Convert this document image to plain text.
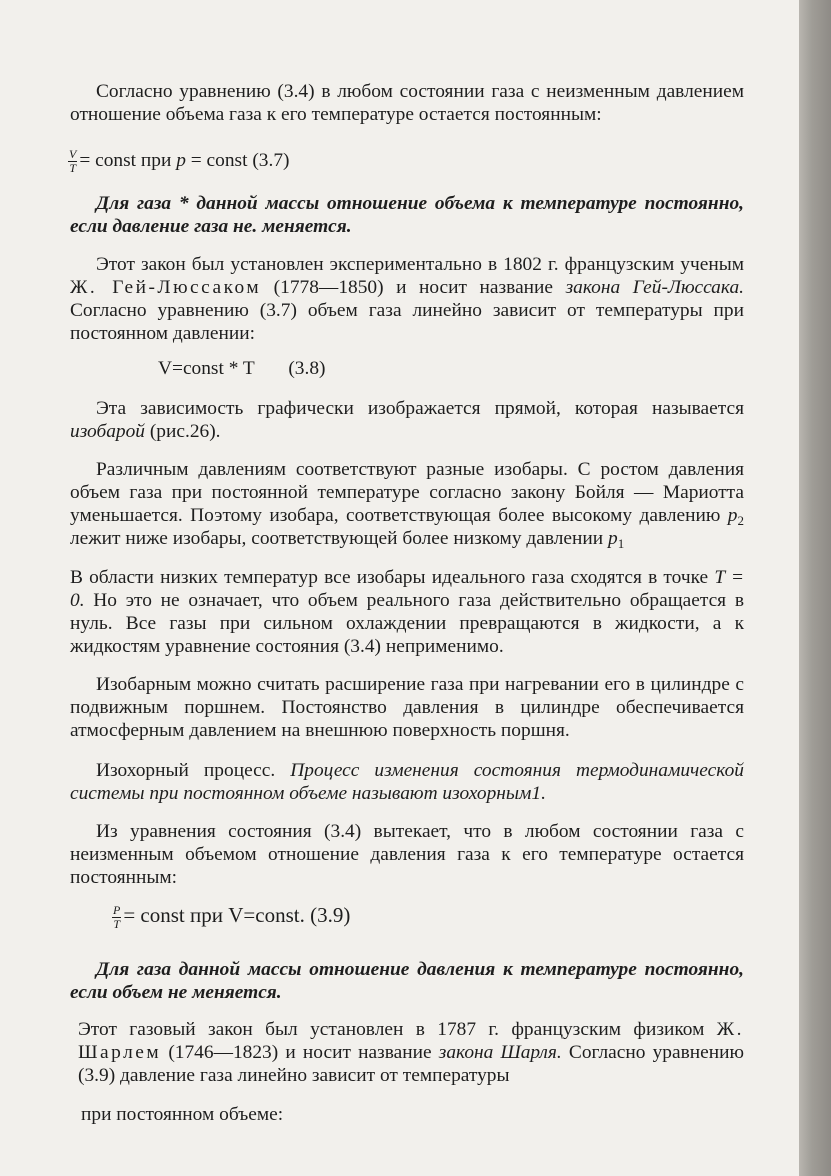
Согласно уравнению (3.4) в любом состоянии газа с неизменным давлением отношение объема газа к его температуре остается постоянным:

$\frac{V}{T}$ = const при p = const (3.7)

Для газа * данной массы отношение объема к температуре постоянно, если давление газа не. меняется.

Этот закон был установлен экспериментально в 1802 г. французским ученым Ж. Гей-Люссаком (1778—1850) и носит название закона Гей-Люссака. Согласно уравнению (3.7) объем газа линейно зависит от температуры при постоянном давлении:

V=const * T       (3.8)

Эта зависимость графически изображается прямой, которая называется изобарой (рис.26).

Различным давлениям соответствуют разные изобары. С ростом давления объем газа при постоянной температуре согласно закону Бойля — Мариотта уменьшается. Поэтому изобара, соответствующая более высокому давлению $p_2$ лежит ниже изобары, соответствующей более низкому давлении $p_1$

В области низких температур все изобары идеального газа сходятся в точке T = 0. Но это не означает, что объем реального газа действительно обращается в нуль. Все газы при сильном охлаждении превращаются в жидкости, а к жидкостям уравнение состояния (3.4) неприменимо.

Изобарным можно считать расширение газа при нагревании его в цилиндре с подвижным поршнем. Постоянство давления в цилиндре обеспечивается атмосферным давлением на внешнюю поверхность поршня.

Изохорный процесс. Процесс изменения состояния термодинамической системы при постоянном объеме называют изохорным1.

Из уравнения состояния (3.4) вытекает, что в любом состоянии газа с неизменным объемом отношение давления газа к его температуре остается постоянным:

$\frac{P}{T}$ = const при V=const. (3.9)

Для газа данной массы отношение давления к температуре постоянно, если объем не меняется.

Этот газовый закон был установлен в 1787 г. французским физиком Ж. Шарлем (1746—1823) и носит название закона Шарля. Согласно уравнению (3.9) давление газа линейно зависит от температуры

при постоянном объеме:
